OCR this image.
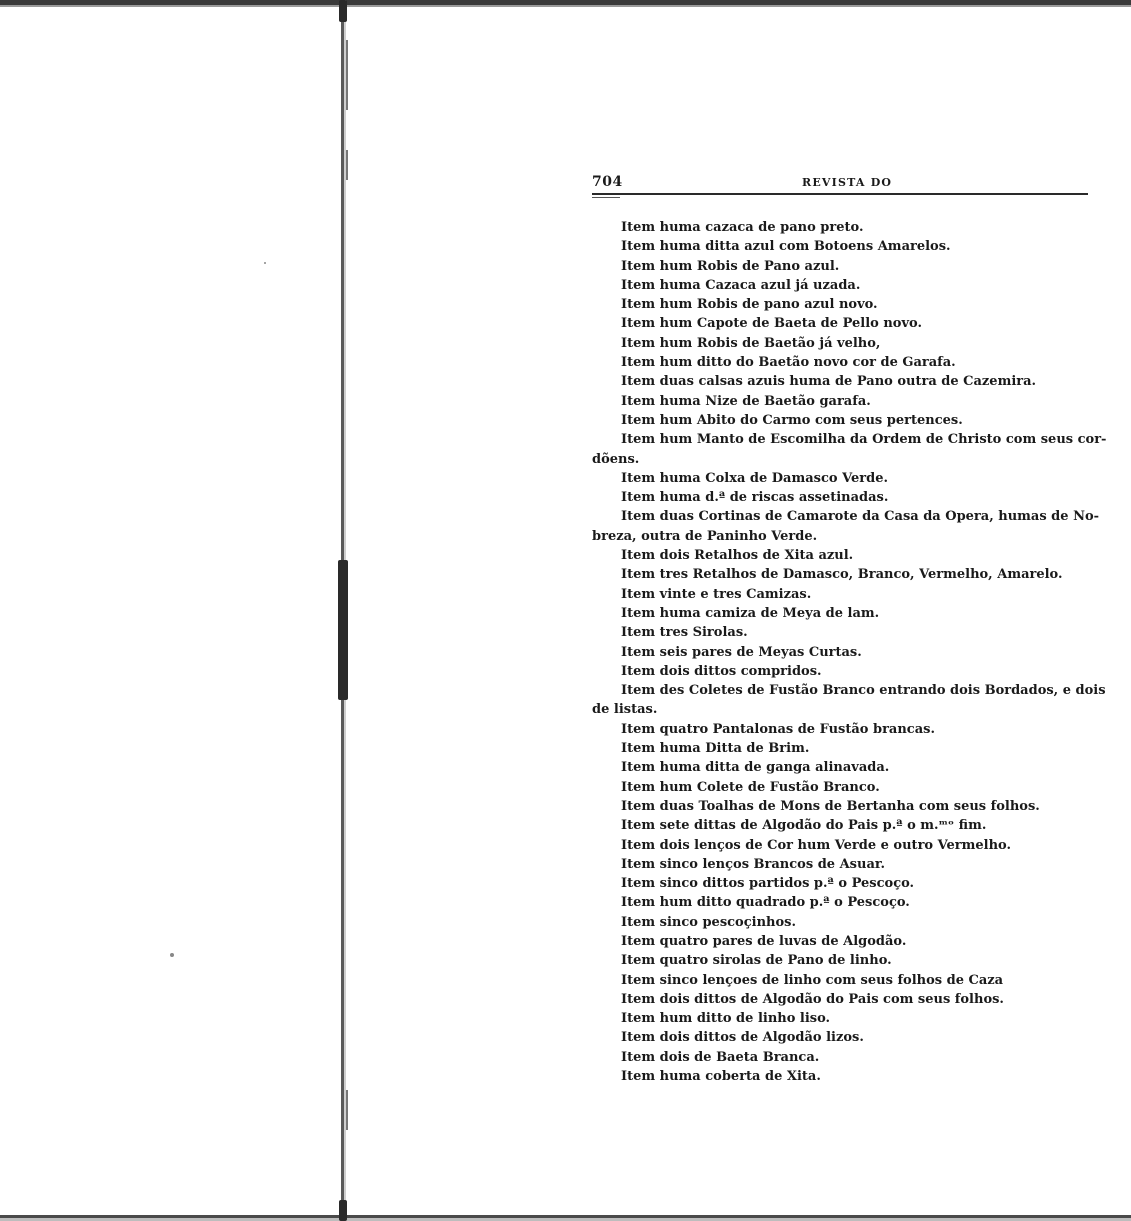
704	REVISTA DO
Item huma cazaca de pano preto.
Item huma ditta azul com Botoens Amarelos.
Item hum Robis de Pano azul.
Item huma Cazaca azul já uzada.
Item hum Robis de pano azul novo.
Item hum Capote de Baeta de Pello novo.
Item hum Robis de Baetão já velho,
Item hum ditto do Baetão novo cor de Garafa.
Item duas calsas azuis huma de Pano outra de Cazemira.
Item huma Nize de Baetão garafa.
Item hum Abito do Carmo com seus pertences.
Item hum Manto de Escomilha da Ordem de Christo com seus cor-
dõens.
Item huma Colxa de Damasco Verde.
Item huma d.ª de riscas assetinadas.
Item duas Cortinas de Camarote da Casa da Opera, humas de No-
breza, outra de Paninho Verde.
Item dois Retalhos de Xita azul.
Item tres Retalhos de Damasco, Branco, Vermelho, Amarelo.
Item vinte e tres Camizas.
Item huma camiza de Meya de lam.
Item tres Sirolas.
Item seis pares de Meyas Curtas.
Item dois dittos compridos.
Item des Coletes de Fustão Branco entrando dois Bordados, e dois
de listas.
Item quatro Pantalonas de Fustão brancas.
Item huma Ditta de Brim.
Item huma ditta de ganga alinavada.
Item hum Colete de Fustão Branco.
Item duas Toalhas de Mons de Bertanha com seus folhos.
Item sete dittas de Algodão do Pais p.ª o m.ᵐᵒ fim.
Item dois lenços de Cor hum Verde e outro Vermelho.
Item sinco lenços Brancos de Asuar.
Item sinco dittos partidos p.ª o Pescoço.
Item hum ditto quadrado p.ª o Pescoço.
Item sinco pescoçinhos.
Item quatro pares de luvas de Algodão.
Item quatro sirolas de Pano de linho.
Item sinco lençoes de linho com seus folhos de Caza
Item dois dittos de Algodão do Pais com seus folhos.
Item hum ditto de linho liso.
Item dois dittos de Algodão lizos.
Item dois de Baeta Branca.
Item huma coberta de Xita.
